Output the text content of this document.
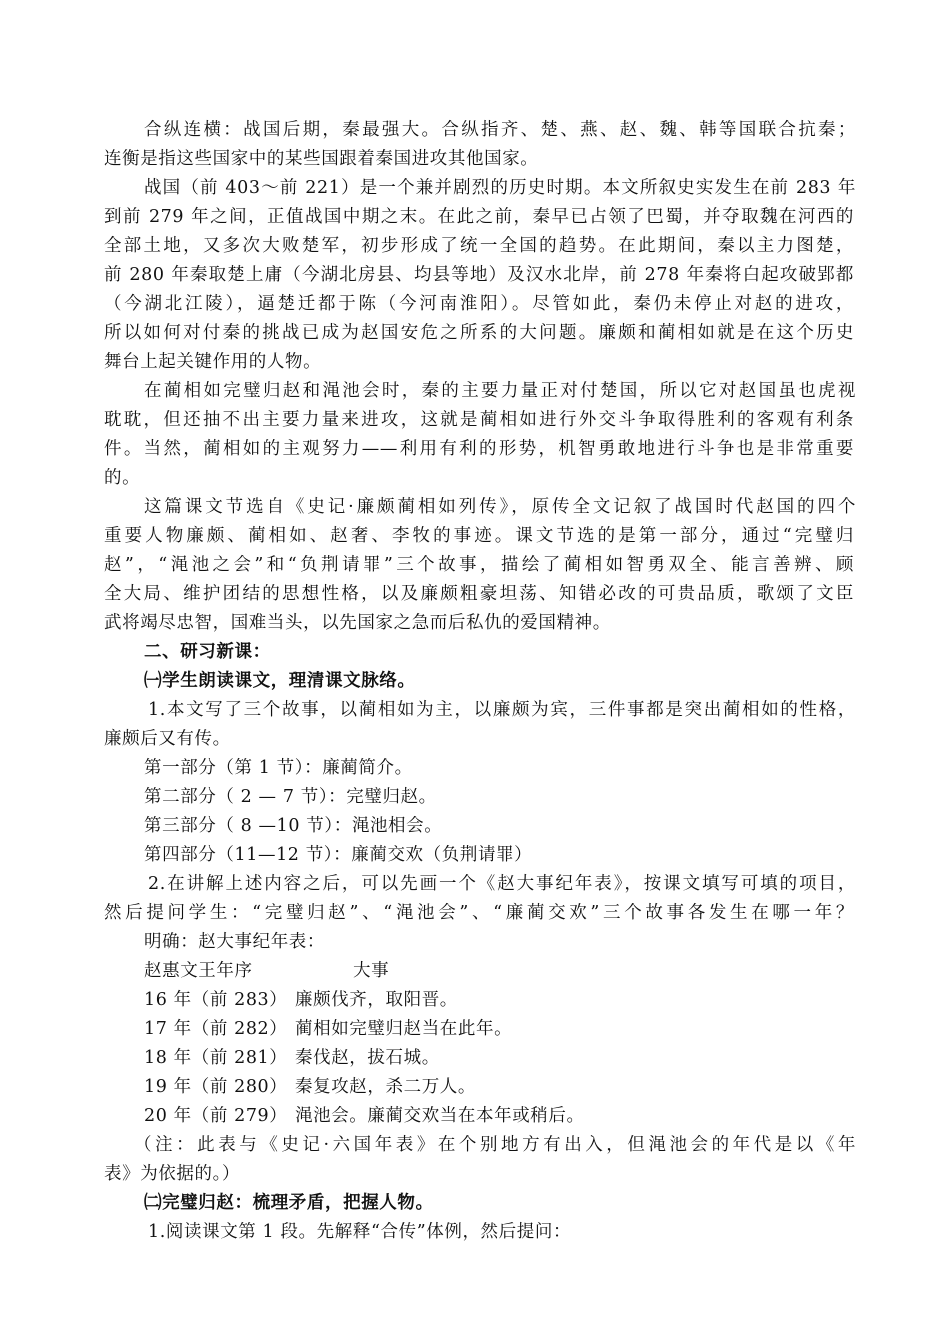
合纵连横：战国后期，秦最强大。合纵指齐、楚、燕、赵、魏、韩等国联合抗秦；
连衡是指这些国家中的某些国跟着秦国进攻其他国家。
战国（前 403～前 221）是一个兼并剧烈的历史时期。本文所叙史实发生在前 283 年
到前 279 年之间，正值战国中期之末。在此之前，秦早已占领了巴蜀，并夺取魏在河西的
全部土地，又多次大败楚军，初步形成了统一全国的趋势。在此期间，秦以主力图楚，
前 280 年秦取楚上庸（今湖北房县、均县等地）及汉水北岸，前 278 年秦将白起攻破郢都
（今湖北江陵），逼楚迁都于陈（今河南淮阳）。尽管如此，秦仍未停止对赵的进攻，
所以如何对付秦的挑战已成为赵国安危之所系的大问题。廉颇和蔺相如就是在这个历史
舞台上起关键作用的人物。
在蔺相如完璧归赵和渑池会时，秦的主要力量正对付楚国，所以它对赵国虽也虎视
耽耽，但还抽不出主要力量来进攻，这就是蔺相如进行外交斗争取得胜利的客观有利条
件。当然，蔺相如的主观努力——利用有利的形势，机智勇敢地进行斗争也是非常重要
的。
这篇课文节选自《史记·廉颇蔺相如列传》，原传全文记叙了战国时代赵国的四个
重要人物廉颇、蔺相如、赵奢、李牧的事迹。课文节选的是第一部分，通过“完璧归
赵”，“渑池之会”和“负荆请罪”三个故事，描绘了蔺相如智勇双全、能言善辨、顾
全大局、维护团结的思想性格，以及廉颇粗豪坦荡、知错必改的可贵品质，歌颂了文臣
武将竭尽忠智，国难当头，以先国家之急而后私仇的爱国精神。
二、研习新课：
㈠学生朗读课文，理清课文脉络。
1.本文写了三个故事，以蔺相如为主，以廉颇为宾，三件事都是突出蔺相如的性格，
廉颇后又有传。
第一部分（第 1 节）：廉蔺简介。
第二部分（ 2 — 7 节）：完璧归赵。
第三部分（ 8 —10 节）：渑池相会。
第四部分（11—12 节）：廉蔺交欢（负荆请罪）
2.在讲解上述内容之后，可以先画一个《赵大事纪年表》，按课文填写可填的项目，
然后提问学生：“完璧归赵”、“渑池会”、“廉蔺交欢”三个故事各发生在哪一年？
明确：赵大事纪年表：
赵惠文王年序	大事
16 年（前 283） 廉颇伐齐，取阳晋。
17 年（前 282） 蔺相如完璧归赵当在此年。
18 年（前 281） 秦伐赵，拔石城。
19 年（前 280） 秦复攻赵，杀二万人。
20 年（前 279） 渑池会。廉蔺交欢当在本年或稍后。
（注：此表与《史记·六国年表》在个别地方有出入，但渑池会的年代是以《年
表》为依据的。）
㈡完璧归赵：梳理矛盾，把握人物。
1.阅读课文第 1 段。先解释“合传”体例，然后提问：
